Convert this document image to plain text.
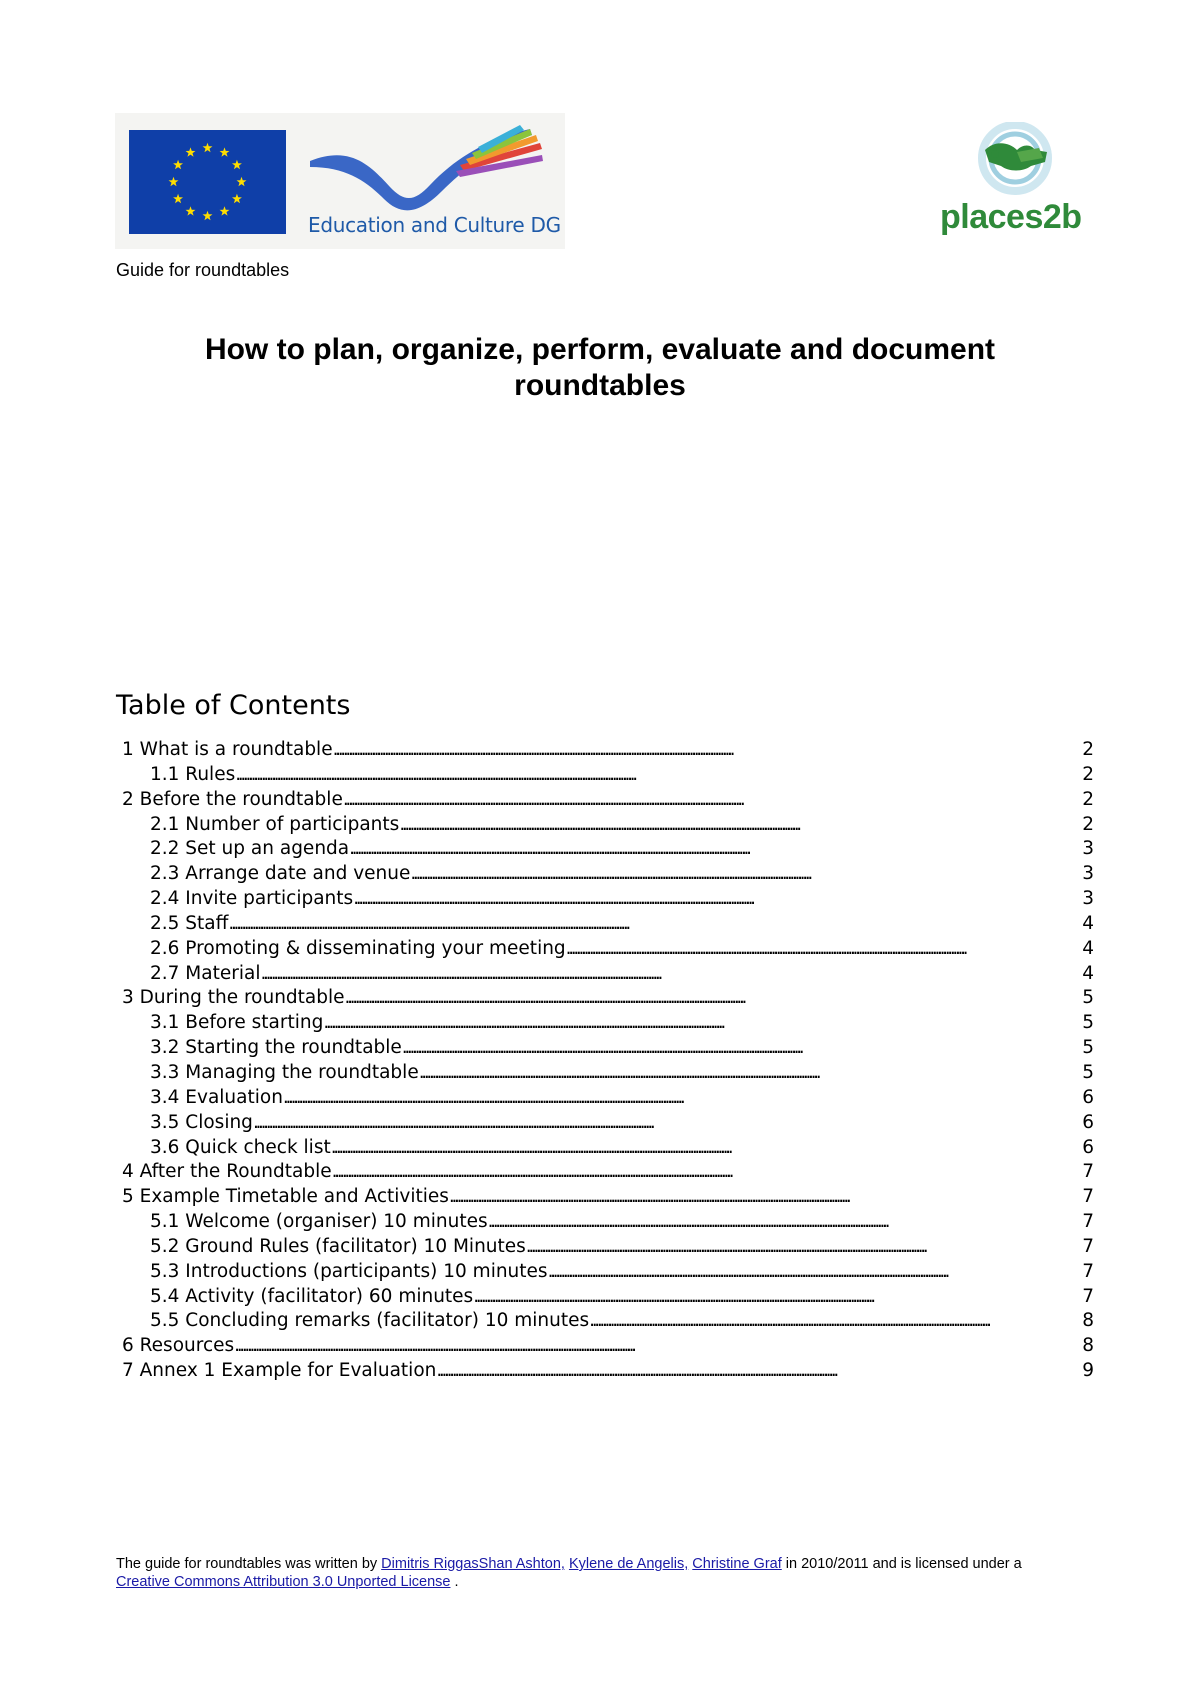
Education and Culture DG	places2b
Guide for roundtables
How to plan, organize, perform, evaluate and document
roundtables
Table of Contents
1 What is a roundtable . . .	2
1.1 Rules . . .	2
2 Before the roundtable . . .	2
2.1 Number of participants . . .	2
2.2 Set up an agenda . . .	3
2.3 Arrange date and venue . . .	3
2.4 Invite participants . . .	3
2.5 Staff . . .	4
2.6 Promoting & disseminating your meeting . . .	4
2.7 Material . . .	4
3 During the roundtable . . .	5
3.1 Before starting . . .	5
3.2 Starting the roundtable . . .	5
3.3 Managing the roundtable . . .	5
3.4 Evaluation . . .	6
3.5 Closing . . .	6
3.6 Quick check list . . .	6
4 After the Roundtable . . .	7
5 Example Timetable and Activities . . .	7
5.1 Welcome (organiser) 10 minutes . . .	7
5.2 Ground Rules (facilitator) 10 Minutes . . .	7
5.3 Introductions (participants) 10 minutes . . .	7
5.4 Activity (facilitator) 60 minutes . . .	7
5.5 Concluding remarks (facilitator) 10 minutes . . .	8
6 Resources . . .	8
7 Annex 1 Example for Evaluation . . .	9
The guide for roundtables was written by Dimitris RiggasShan Ashton, Kylene de Angelis, Christine Graf in 2010/2011 and is licensed under a Creative Commons Attribution 3.0 Unported License .
